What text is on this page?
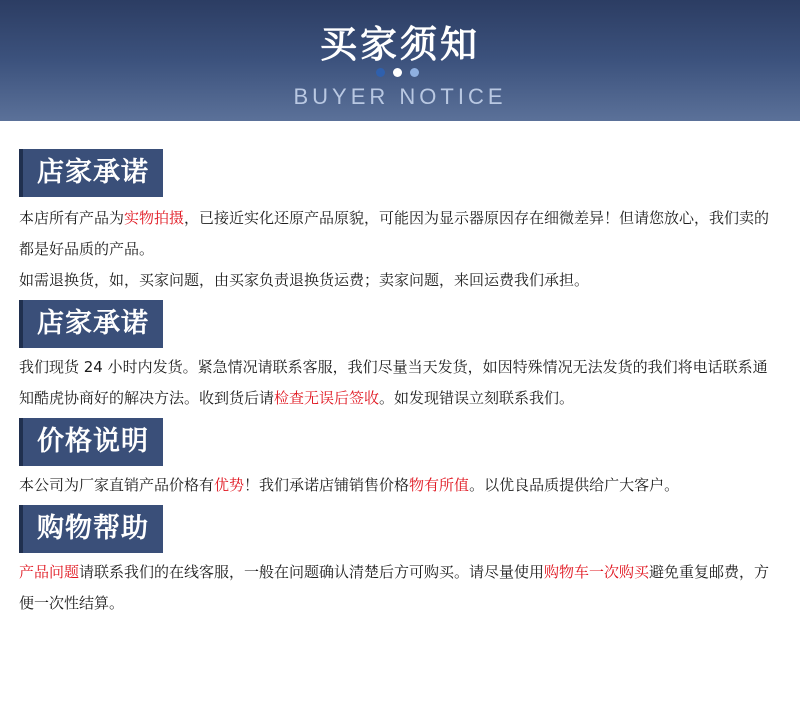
买家须知
BUYER NOTICE
店家承诺

本店所有产品为实物拍摄，已接近实化还原产品原貌，可能因为显示器原因存在细微差异！但请您放心，我们卖的都是好品质的产品。

如需退换货，如，买家问题，由买家负责退换货运费；卖家问题，来回运费我们承担。

店家承诺

我们现货 24 小时内发货。紧急情况请联系客服，我们尽量当天发货，如因特殊情况无法发货的我们将电话联系通知酷虎协商好的解决方法。收到货后请检查无误后签收。如发现错误立刻联系我们。

价格说明

本公司为厂家直销产品价格有优势！我们承诺店铺销售价格物有所值。以优良品质提供给广大客户。

购物帮助

产品问题请联系我们的在线客服，一般在问题确认清楚后方可购买。请尽量使用购物车一次购买避免重复邮费，方便一次性结算。
